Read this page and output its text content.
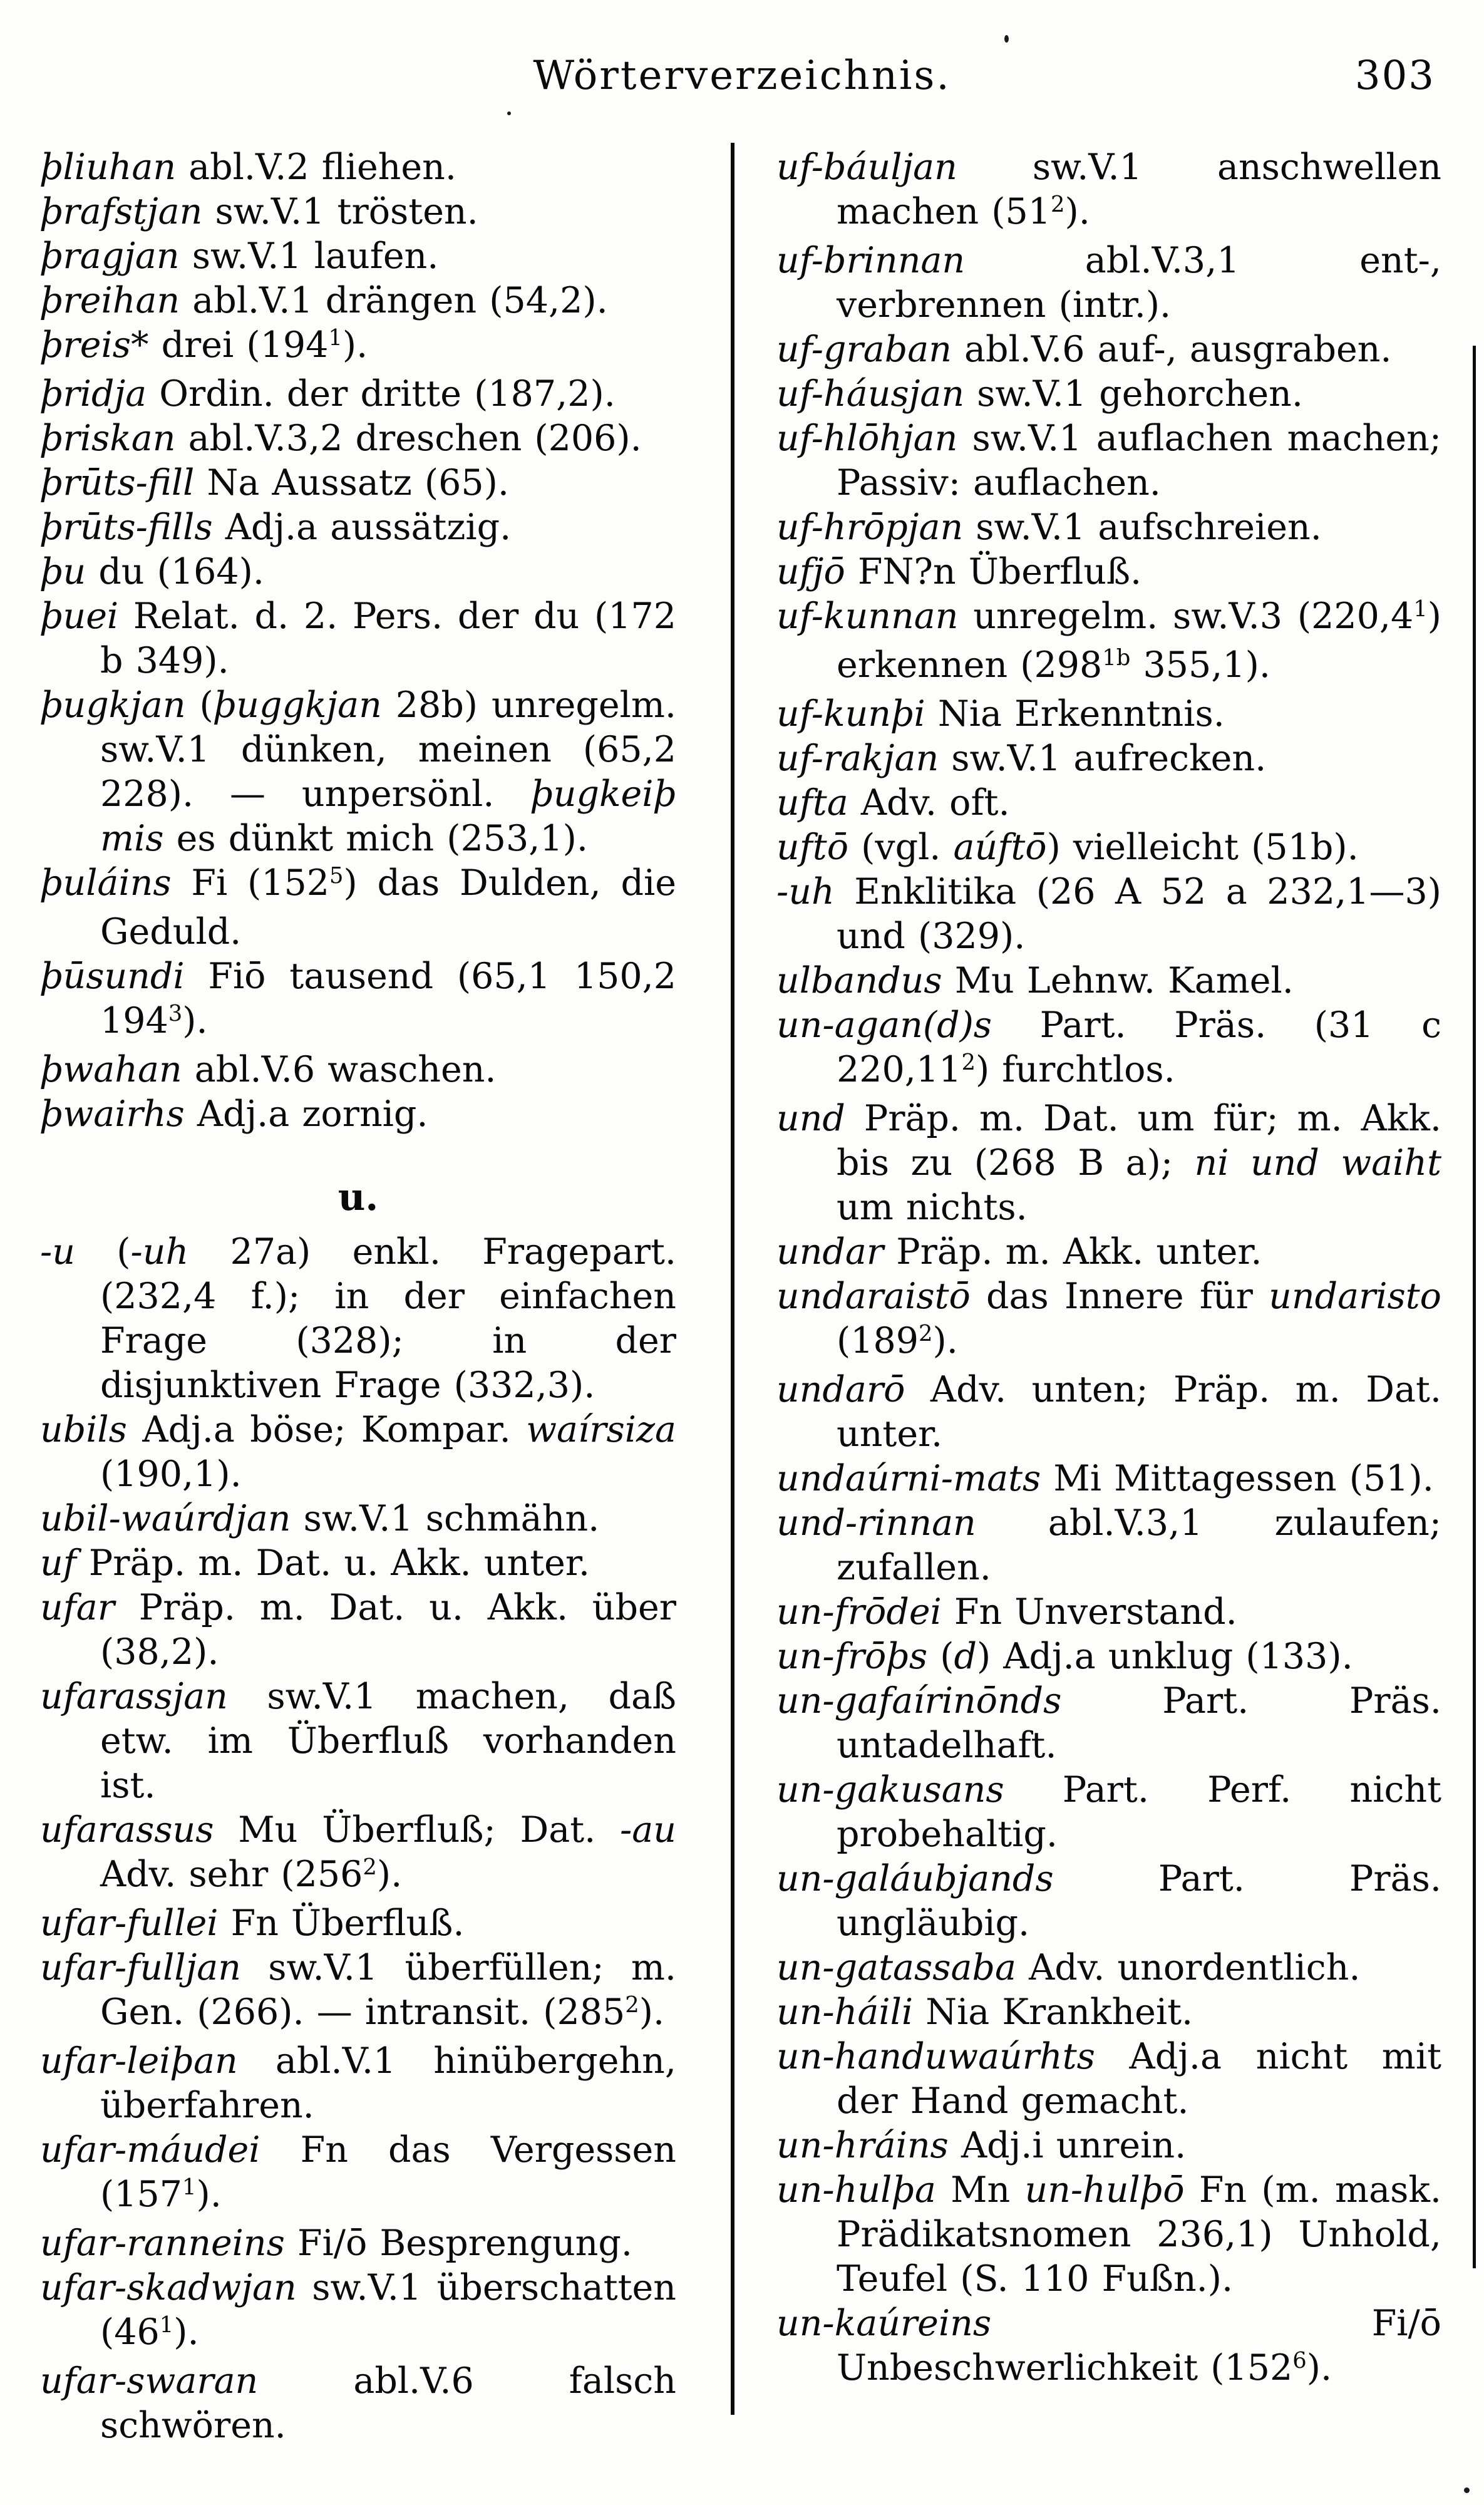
Wörterverzeichnis.	303
þliuhan abl.V.2 fliehen.
þrafstjan sw.V.1 trösten.
þragjan sw.V.1 laufen.
þreihan abl.V.1 drängen (54,2).
þreis* drei $(194^1)$.
þridja Ordin. der dritte (187,2).
þriskan abl.V.3,2 dreschen (206).
þrūts-fill Na Aussatz (65).
þrūts-fills Adj.a aussätzig.
þu du (164).
þuei Relat. d. 2. Pers. der du (172 b 349).
þugkjan (þuggkjan 28b) unregelm. sw.V.1 dünken, meinen (65,2 228). — unpersönl. þugkeiþ mis es dünkt mich (253,1).
þuláins Fi $(152^5)$ das Dulden, die Geduld.
þūsundi Fiō tausend (65,1 150,2 $194^3$).
þwahan abl.V.6 waschen.
þwairhs Adj.a zornig.
u.
-u (-uh 27a) enkl. Fragepart. (232,4 f.); in der einfachen Frage (328); in der disjunktiven Frage (332,3).
ubils Adj.a böse; Kompar. waírsiza (190,1).
ubil-waúrdjan sw.V.1 schmähn.
uf Präp. m. Dat. u. Akk. unter.
ufar Präp. m. Dat. u. Akk. über (38,2).
ufarassjan sw.V.1 machen, daß etw. im Überfluß vorhanden ist.
ufarassus Mu Überfluß; Dat. -au Adv. sehr $(256^2)$.
ufar-fullei Fn Überfluß.
ufar-fulljan sw.V.1 überfüllen; m. Gen. (266). — intransit. $(285^2)$.
ufar-leiþan abl.V.1 hinübergehn, überfahren.
ufar-máudei Fn das Vergessen $(157^1)$.
ufar-ranneins Fi/ō Besprengung.
ufar-skadwjan sw.V.1 überschatten $(46^1)$.
ufar-swaran abl.V.6 falsch schwören.
uf-báuljan sw.V.1 anschwellen machen $(51^2)$.
uf-brinnan abl.V.3,1 ent-, verbrennen (intr.).
uf-graban abl.V.6 auf-, ausgraben.
uf-háusjan sw.V.1 gehorchen.
uf-hlōhjan sw.V.1 auflachen machen; Passiv: auflachen.
uf-hrōpjan sw.V.1 aufschreien.
ufjō FN?n Überfluß.
uf-kunnan unregelm. sw.V.3 (220,4$^1$) erkennen ($298^{1b}$ 355,1).
uf-kunþi Nia Erkenntnis.
uf-rakjan sw.V.1 aufrecken.
ufta Adv. oft.
uftō (vgl. aúftō) vielleicht (51b).
-uh Enklitika (26 A 52 a 232,1—3) und (329).
ulbandus Mu Lehnw. Kamel.
un-agan(d)s Part. Präs. (31 c 220,11$^2$) furchtlos.
und Präp. m. Dat. um für; m. Akk. bis zu (268 B a); ni und waiht um nichts.
undar Präp. m. Akk. unter.
undaraistō das Innere für undaristo $(189^2)$.
undarō Adv. unten; Präp. m. Dat. unter.
undaúrni-mats Mi Mittagessen (51).
und-rinnan abl.V.3,1 zulaufen; zufallen.
un-frōdei Fn Unverstand.
un-frōþs (d) Adj.a unklug (133).
un-gafaírinōnds Part. Präs. untadelhaft.
un-gakusans Part. Perf. nicht probehaltig.
un-galáubjands Part. Präs. ungläubig.
un-gatassaba Adv. unordentlich.
un-háili Nia Krankheit.
un-handuwaúrhts Adj.a nicht mit der Hand gemacht.
un-hráins Adj.i unrein.
un-hulþa Mn un-hulþō Fn (m. mask. Prädikatsnomen 236,1) Unhold, Teufel (S. 110 Fußn.).
un-kaúreins Fi/ō Unbeschwerlichkeit $(152^6)$.
